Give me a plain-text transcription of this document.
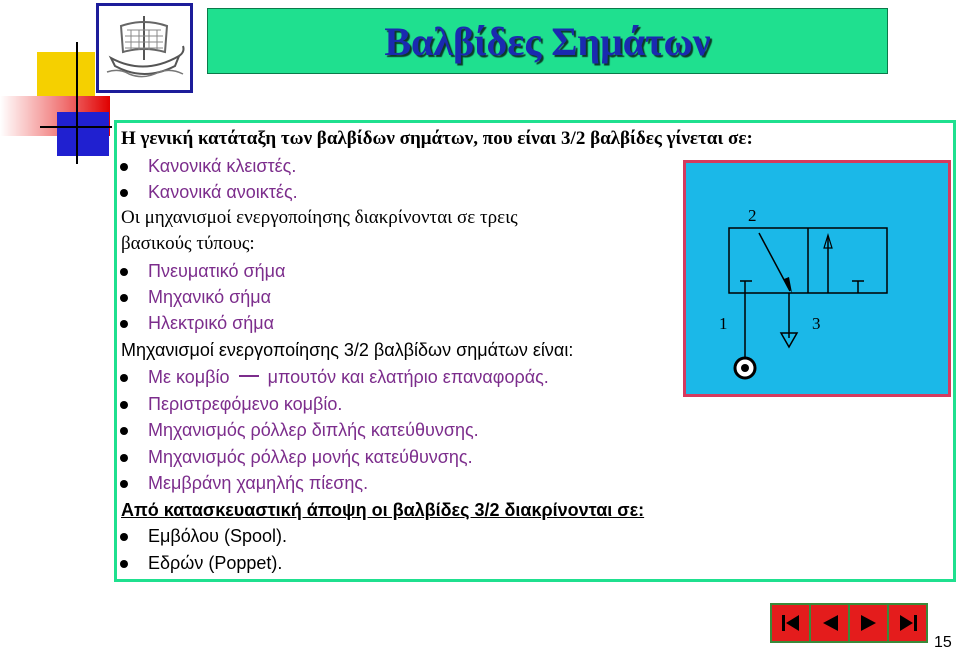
Βαλβίδες Σημάτων
Η γενική κατάταξη των βαλβίδων σημάτων, που είναι 3/2 βαλβίδες γίνεται σε:
Κανονικά κλειστές.
Κανονικά ανοικτές.
Οι μηχανισμοί ενεργοποίησης διακρίνονται σε τρεις
βασικούς τύπους:
Πνευματικό σήμα
Μηχανικό σήμα
Ηλεκτρικό σήμα
Μηχανισμοί ενεργοποίησης 3/2 βαλβίδων σημάτων είναι:
Με κομβίο μπουτόν και ελατήριο επαναφοράς.
Περιστρεφόμενο κομβίο.
Μηχανισμός ρόλλερ διπλής κατεύθυνσης.
Μηχανισμός ρόλλερ μονής κατεύθυνσης.
Μεμβράνη χαμηλής πίεσης.
Από κατασκευαστική άποψη οι βαλβίδες 3/2 διακρίνονται σε:
Εμβόλου (Spool).
Εδρών (Poppet).
2
1	3
15
